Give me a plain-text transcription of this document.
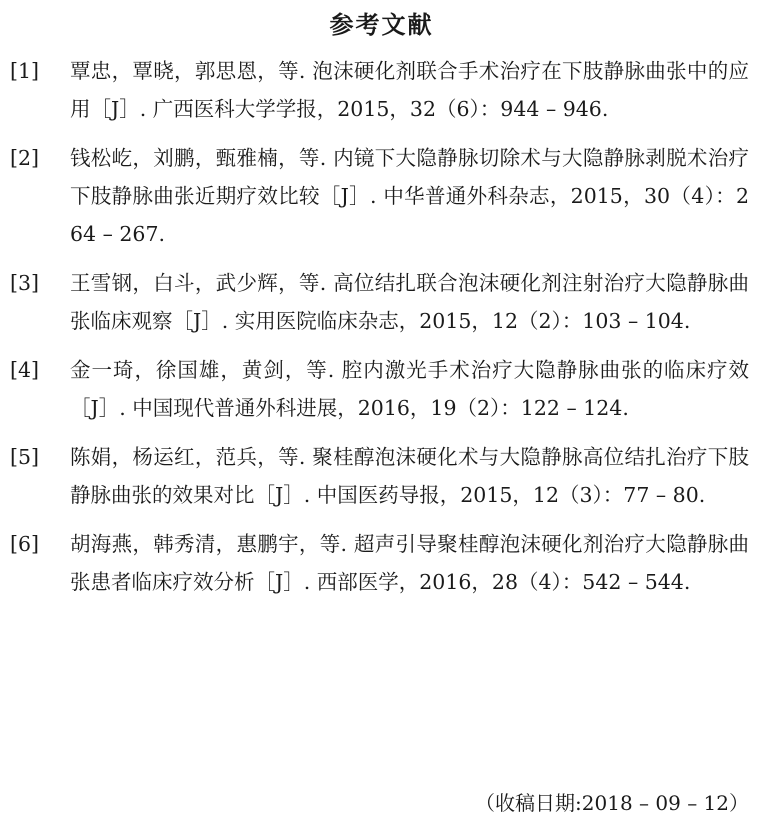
参考文献
[1] 覃忠，覃晓，郭思恩，等. 泡沫硬化剂联合手术治疗在下肢静脉曲张中的应用［J］. 广西医科大学学报，2015，32（6）：944 – 946.
[2] 钱松屹，刘鹏，甄雅楠，等. 内镜下大隐静脉切除术与大隐静脉剥脱术治疗下肢静脉曲张近期疗效比较［J］. 中华普通外科杂志，2015，30（4）：264 – 267.
[3] 王雪钢，白斗，武少辉，等. 高位结扎联合泡沫硬化剂注射治疗大隐静脉曲张临床观察［J］. 实用医院临床杂志，2015，12（2）：103 – 104.
[4] 金一琦，徐国雄，黄剑，等. 腔内激光手术治疗大隐静脉曲张的临床疗效［J］. 中国现代普通外科进展，2016，19（2）：122 – 124.
[5] 陈娟，杨运红，范兵，等. 聚桂醇泡沫硬化术与大隐静脉高位结扎治疗下肢静脉曲张的效果对比［J］. 中国医药导报，2015，12（3）：77 – 80.
[6] 胡海燕，韩秀清，惠鹏宇，等. 超声引导聚桂醇泡沫硬化剂治疗大隐静脉曲张患者临床疗效分析［J］. 西部医学，2016，28（4）：542 – 544.
（收稿日期:2018 – 09 – 12）
